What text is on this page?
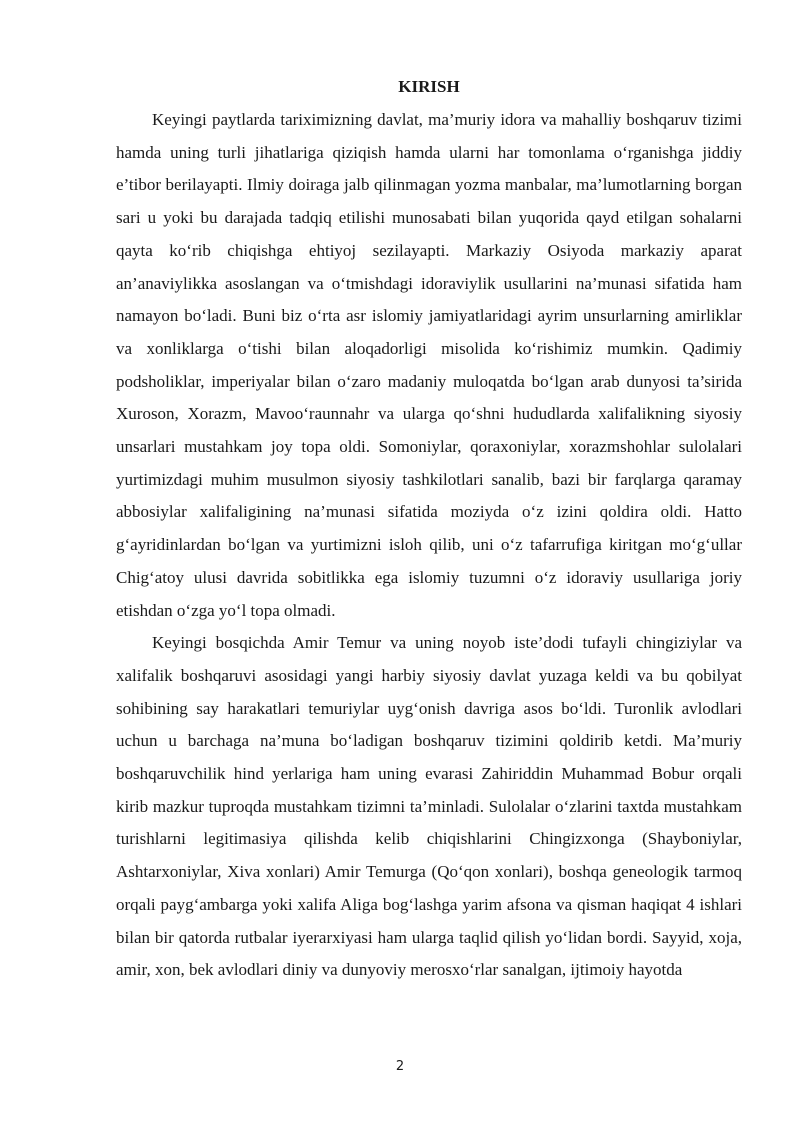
KIRISH

Keyingi paytlarda tariximizning davlat, ma’muriy idora va mahalliy boshqaruv tizimi hamda uning turli jihatlariga qiziqish hamda ularni har tomonlama o‘rganishga jiddiy e’tibor berilayapti. Ilmiy doiraga jalb qilinmagan yozma manbalar, ma’lumotlarning borgan sari u yoki bu darajada tadqiq etilishi munosabati bilan yuqorida qayd etilgan sohalarni qayta ko‘rib chiqishga ehtiyoj sezilayapti. Markaziy Osiyoda markaziy aparat an’anaviylikka asoslangan va o‘tmishdagi idoraviylik usullarini na’munasi sifatida ham namayon bo‘ladi. Buni biz o‘rta asr islomiy jamiyatlaridagi ayrim unsurlarning amirliklar va xonliklarga o‘tishi bilan aloqadorligi misolida ko‘rishimiz mumkin. Qadimiy podsholiklar, imperiyalar bilan o‘zaro madaniy muloqatda bo‘lgan arab dunyosi ta’sirida Xuroson, Xorazm, Mavoo‘raunnahr va ularga qo‘shni hududlarda xalifalikning siyosiy unsarlari mustahkam joy topa oldi. Somoniylar, qoraxoniylar, xorazmshohlar sulolalari yurtimizdagi muhim musulmon siyosiy tashkilotlari sanalib, bazi bir farqlarga qaramay abbosiylar xalifaligining na’munasi sifatida moziyda o‘z izini qoldira oldi. Hatto g‘ayridinlardan bo‘lgan va yurtimizni isloh qilib, uni o‘z tafarrufiga kiritgan mo‘g‘ullar Chig‘atoy ulusi davrida sobitlikka ega islomiy tuzumni o‘z idoraviy usullariga joriy etishdan o‘zga yo‘l topa olmadi.

Keyingi bosqichda Amir Temur va uning noyob iste’dodi tufayli chingiziylar va xalifalik boshqaruvi asosidagi yangi harbiy siyosiy davlat yuzaga keldi va bu qobilyat sohibining say harakatlari temuriylar uyg‘onish davriga asos bo‘ldi. Turonlik avlodlari uchun u barchaga na’muna bo‘ladigan boshqaruv tizimini qoldirib ketdi. Ma’muriy boshqaruvchilik hind yerlariga ham uning evarasi Zahiriddin Muhammad Bobur orqali kirib mazkur tuproqda mustahkam tizimni ta’minladi. Sulolalar o‘zlarini taxtda mustahkam turishlarni legitimasiya qilishda kelib chiqishlarini Chingizxonga (Shayboniylar, Ashtarxoniylar, Xiva xonlari) Amir Temurga (Qo‘qon xonlari), boshqa geneologik tarmoq orqali payg‘ambarga yoki xalifa Aliga bog‘lashga yarim afsona va qisman haqiqat 4 ishlari bilan bir qatorda rutbalar iyerarxiyasi ham ularga taqlid qilish yo‘lidan bordi. Sayyid, xoja, amir, xon, bek avlodlari diniy va dunyoviy merosxo‘rlar sanalgan, ijtimoiy hayotda

2
